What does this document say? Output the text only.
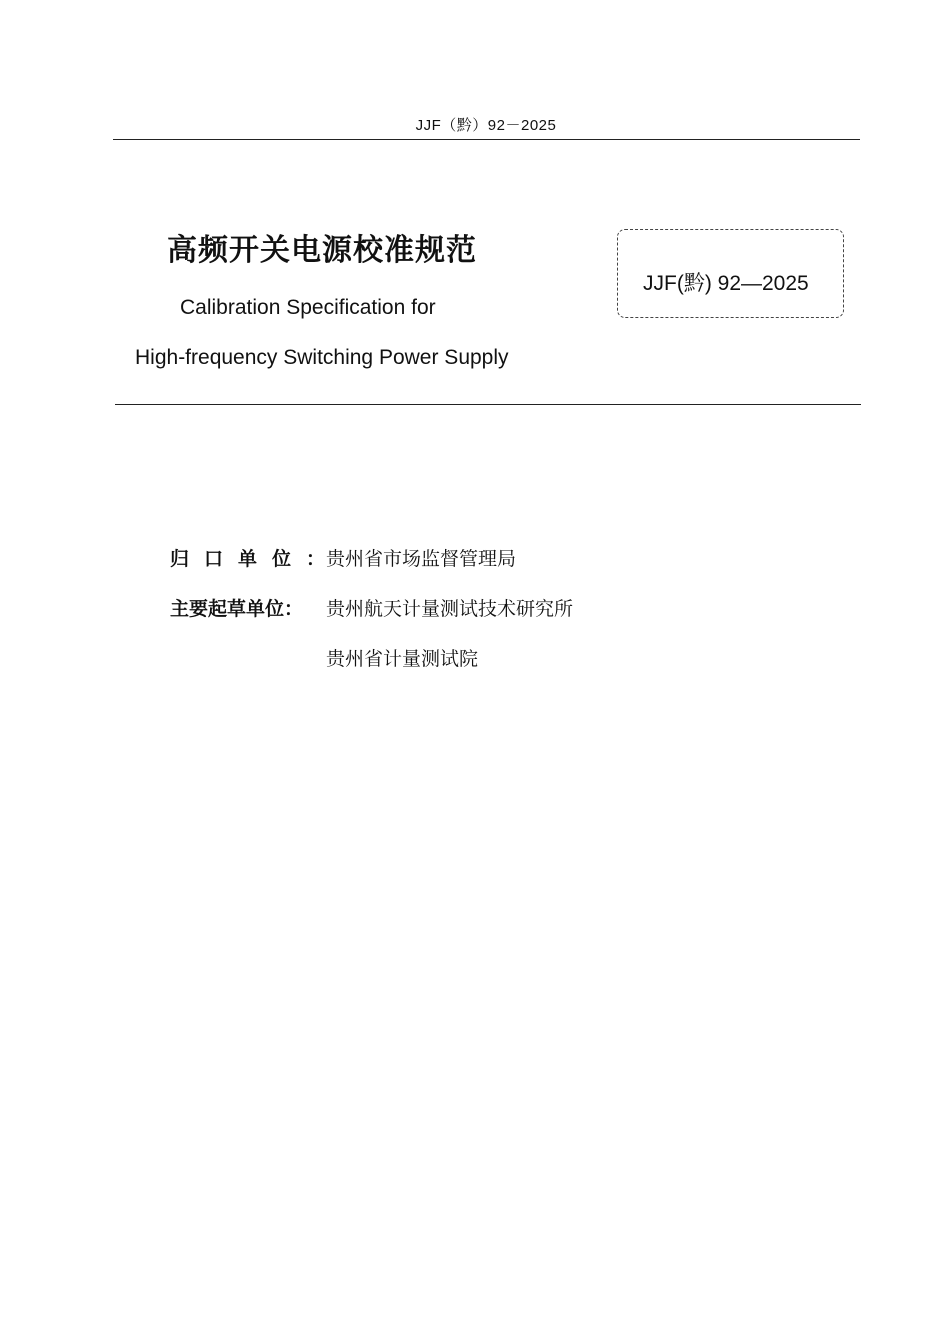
JJF（黔）92－2025
高频开关电源校准规范
Calibration Specification for
High-frequency Switching Power Supply
JJF(黔) 92—2025
归口单位：贵州省市场监督管理局
主要起草单位： 贵州航天计量测试技术研究所
贵州省计量测试院
